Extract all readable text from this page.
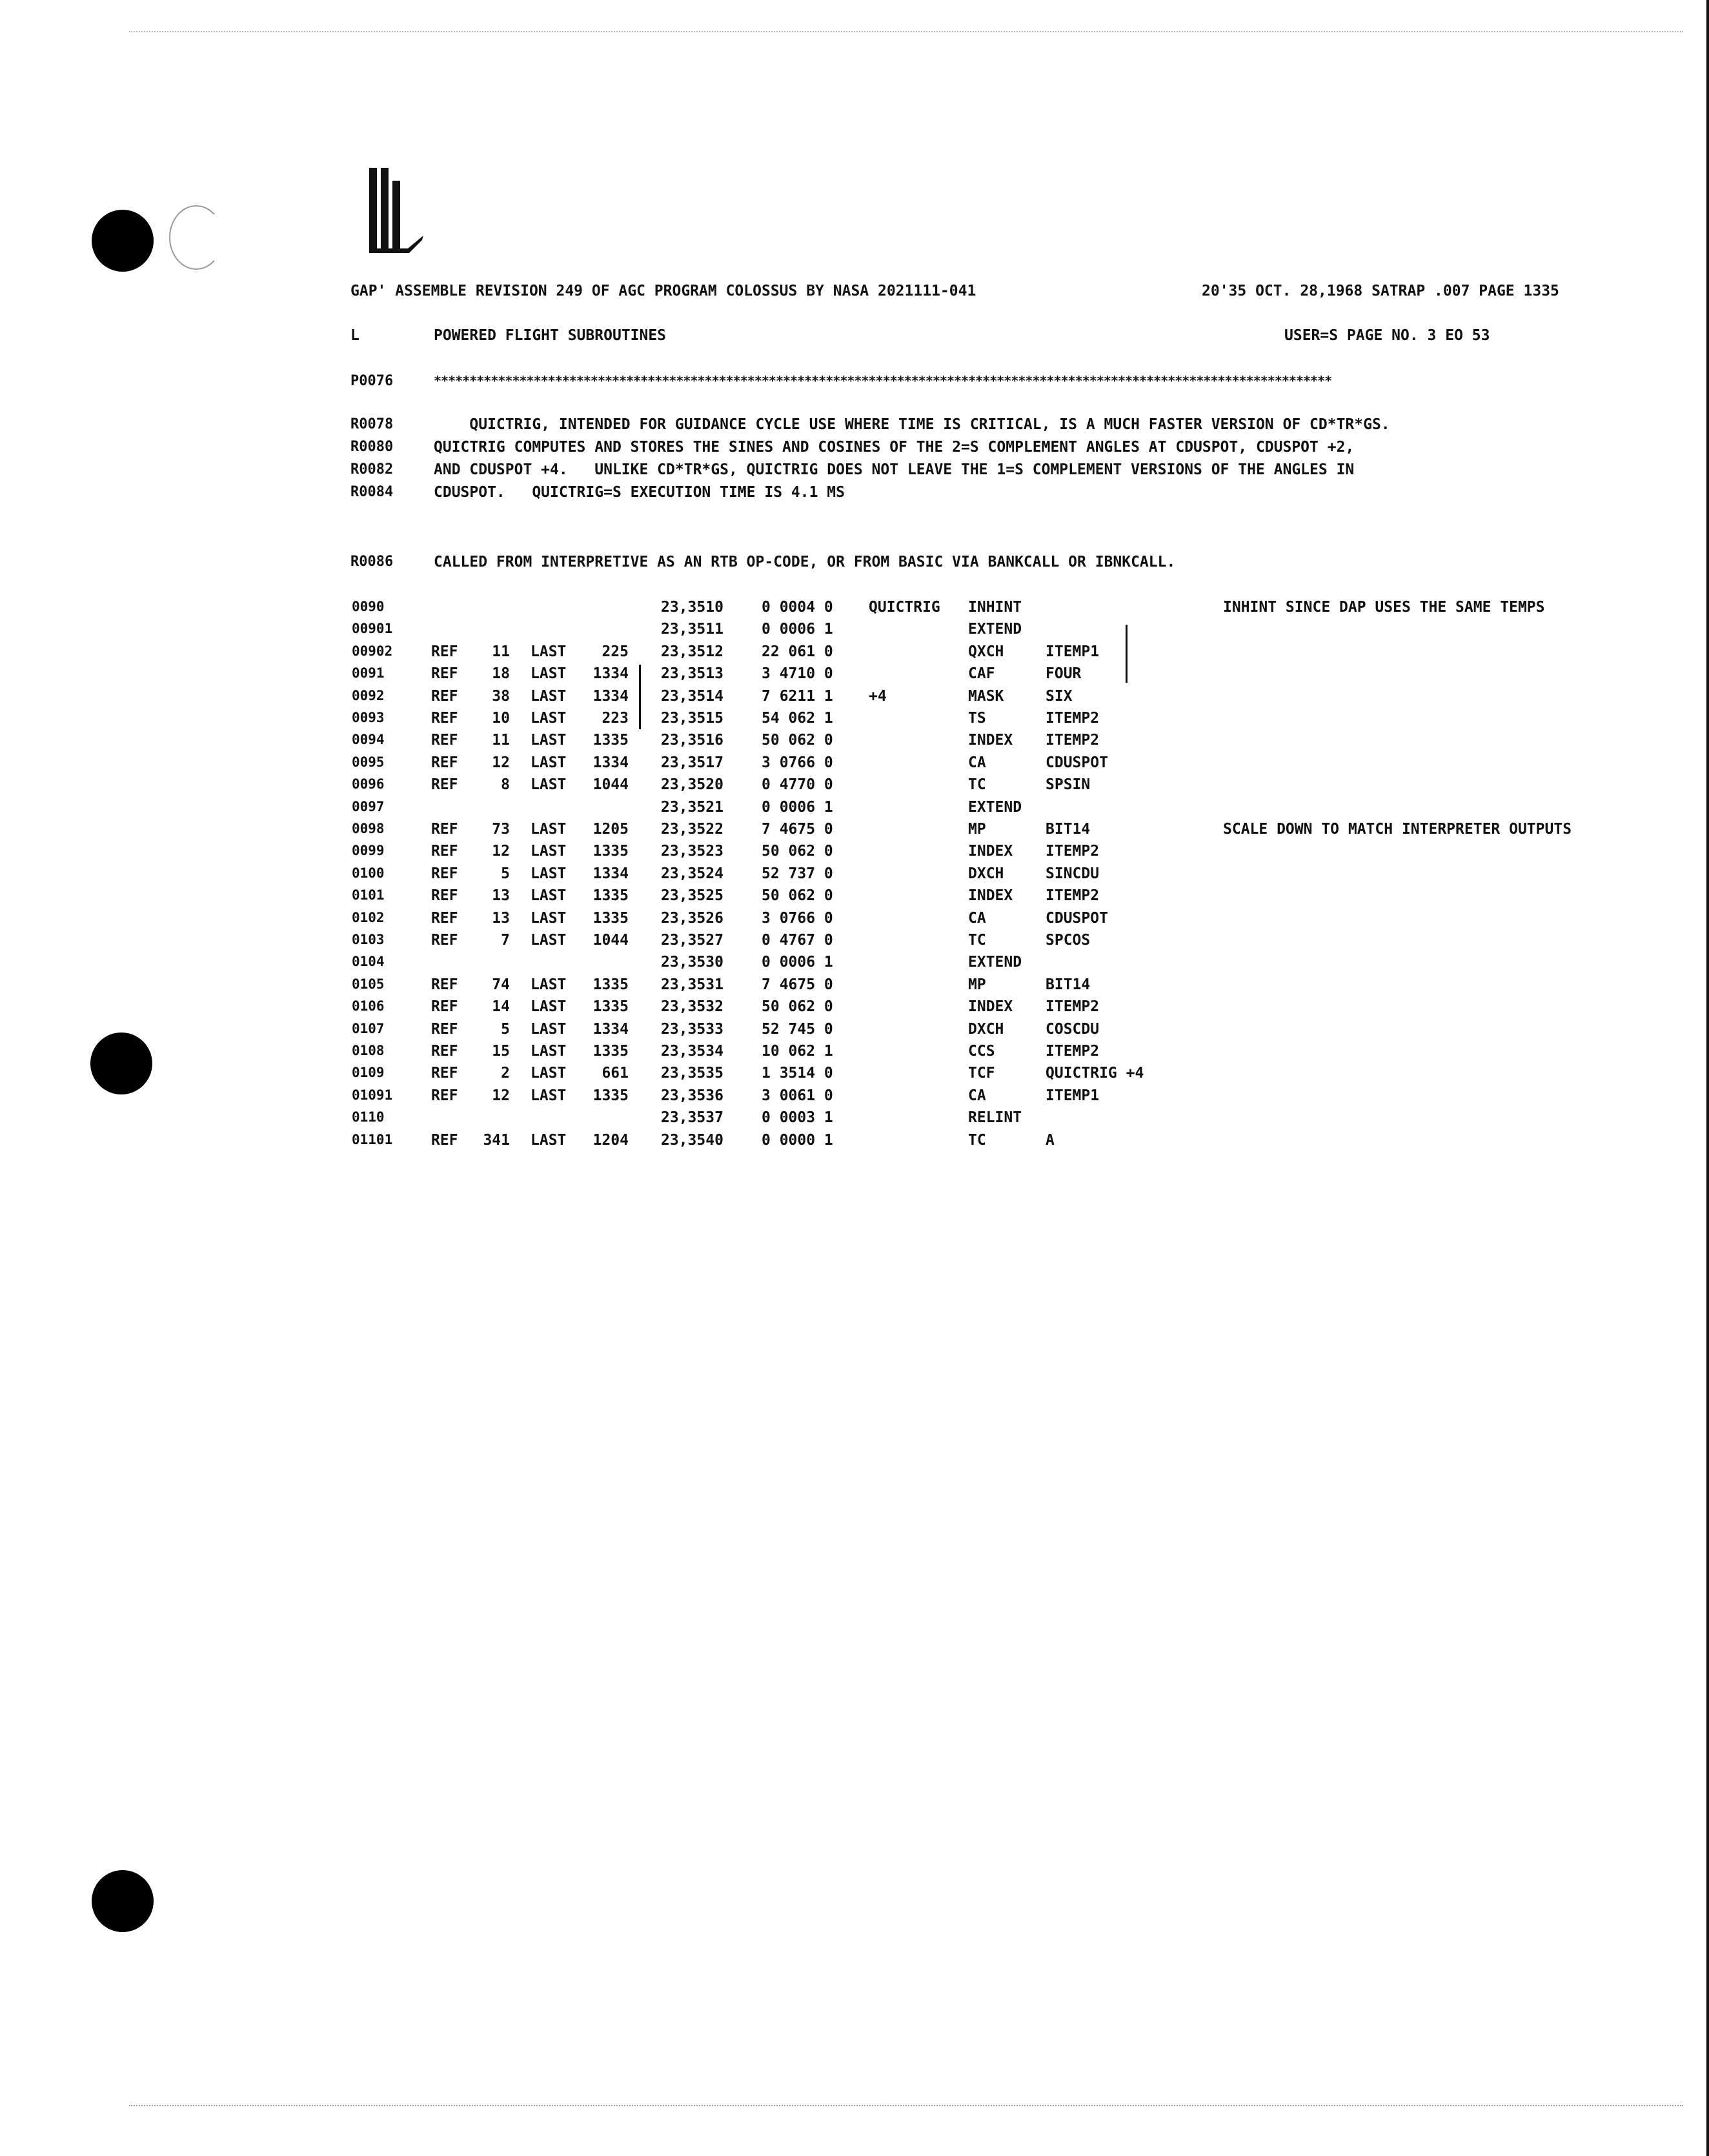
GAP' ASSEMBLE REVISION 249 OF AGC PROGRAM COLOSSUS BY NASA 2021111-041	20'35 OCT. 28,1968 SATRAP .007 PAGE 1335
L	POWERED FLIGHT SUBROUTINES	USER=S PAGE NO. 3 EO 53
P0076	******************************************************************************************************************************
R0078	QUICTRIG, INTENDED FOR GUIDANCE CYCLE USE WHERE TIME IS CRITICAL, IS A MUCH FASTER VERSION OF CD*TR*GS.
R0080	QUICTRIG COMPUTES AND STORES THE SINES AND COSINES OF THE 2=S COMPLEMENT ANGLES AT CDUSPOT, CDUSPOT +2,
R0082	AND CDUSPOT +4.   UNLIKE CD*TR*GS, QUICTRIG DOES NOT LEAVE THE 1=S COMPLEMENT VERSIONS OF THE ANGLES IN
R0084	CDUSPOT.   QUICTRIG=S EXECUTION TIME IS 4.1 MS
R0086	CALLED FROM INTERPRETIVE AS AN RTB OP-CODE, OR FROM BASIC VIA BANKCALL OR IBNKCALL.
0090	23,3510	0 0004 0 QUICTRIG INHINT	INHINT SINCE DAP USES THE SAME TEMPS
00901	23,3511	0 0006 1	EXTEND
00902	REF	11 LAST	225 23,3512	22 061 0	QXCH	ITEMP1
0091	REF	18 LAST	1334 23,3513	3 4710 0	CAF	FOUR
0092	REF	38 LAST	1334 23,3514	7 6211 1 +4	MASK	SIX
0093	REF	10 LAST	223 23,3515	54 062 1	TS	ITEMP2
0094	REF	11 LAST	1335 23,3516	50 062 0	INDEX ITEMP2
0095	REF	12 LAST	1334 23,3517	3 0766 0	CA	CDUSPOT
0096	REF	8 LAST	1044 23,3520	0 4770 0	TC	SPSIN
0097	23,3521	0 0006 1	EXTEND
0098	REF	73 LAST	1205 23,3522	7 4675 0	MP	BIT14	SCALE DOWN TO MATCH INTERPRETER OUTPUTS
0099	REF	12 LAST	1335 23,3523	50 062 0	INDEX ITEMP2
0100	REF	5 LAST	1334 23,3524	52 737 0	DXCH	SINCDU
0101	REF	13 LAST	1335 23,3525	50 062 0	INDEX ITEMP2
0102	REF	13 LAST	1335 23,3526	3 0766 0	CA	CDUSPOT
0103	REF	7 LAST	1044 23,3527	0 4767 0	TC	SPCOS
0104	23,3530	0 0006 1	EXTEND
0105	REF	74 LAST	1335 23,3531	7 4675 0	MP	BIT14
0106	REF	14 LAST	1335 23,3532	50 062 0	INDEX ITEMP2
0107	REF	5 LAST	1334 23,3533	52 745 0	DXCH	COSCDU
0108	REF	15 LAST	1335 23,3534	10 062 1	CCS	ITEMP2
0109	REF	2 LAST	661 23,3535	1 3514 0	TCF	QUICTRIG +4
01091	REF	12 LAST	1335 23,3536	3 0061 0	CA	ITEMP1
0110	23,3537	0 0003 1	RELINT
01101	REF	341 LAST	1204 23,3540	0 0000 1	TC	A
